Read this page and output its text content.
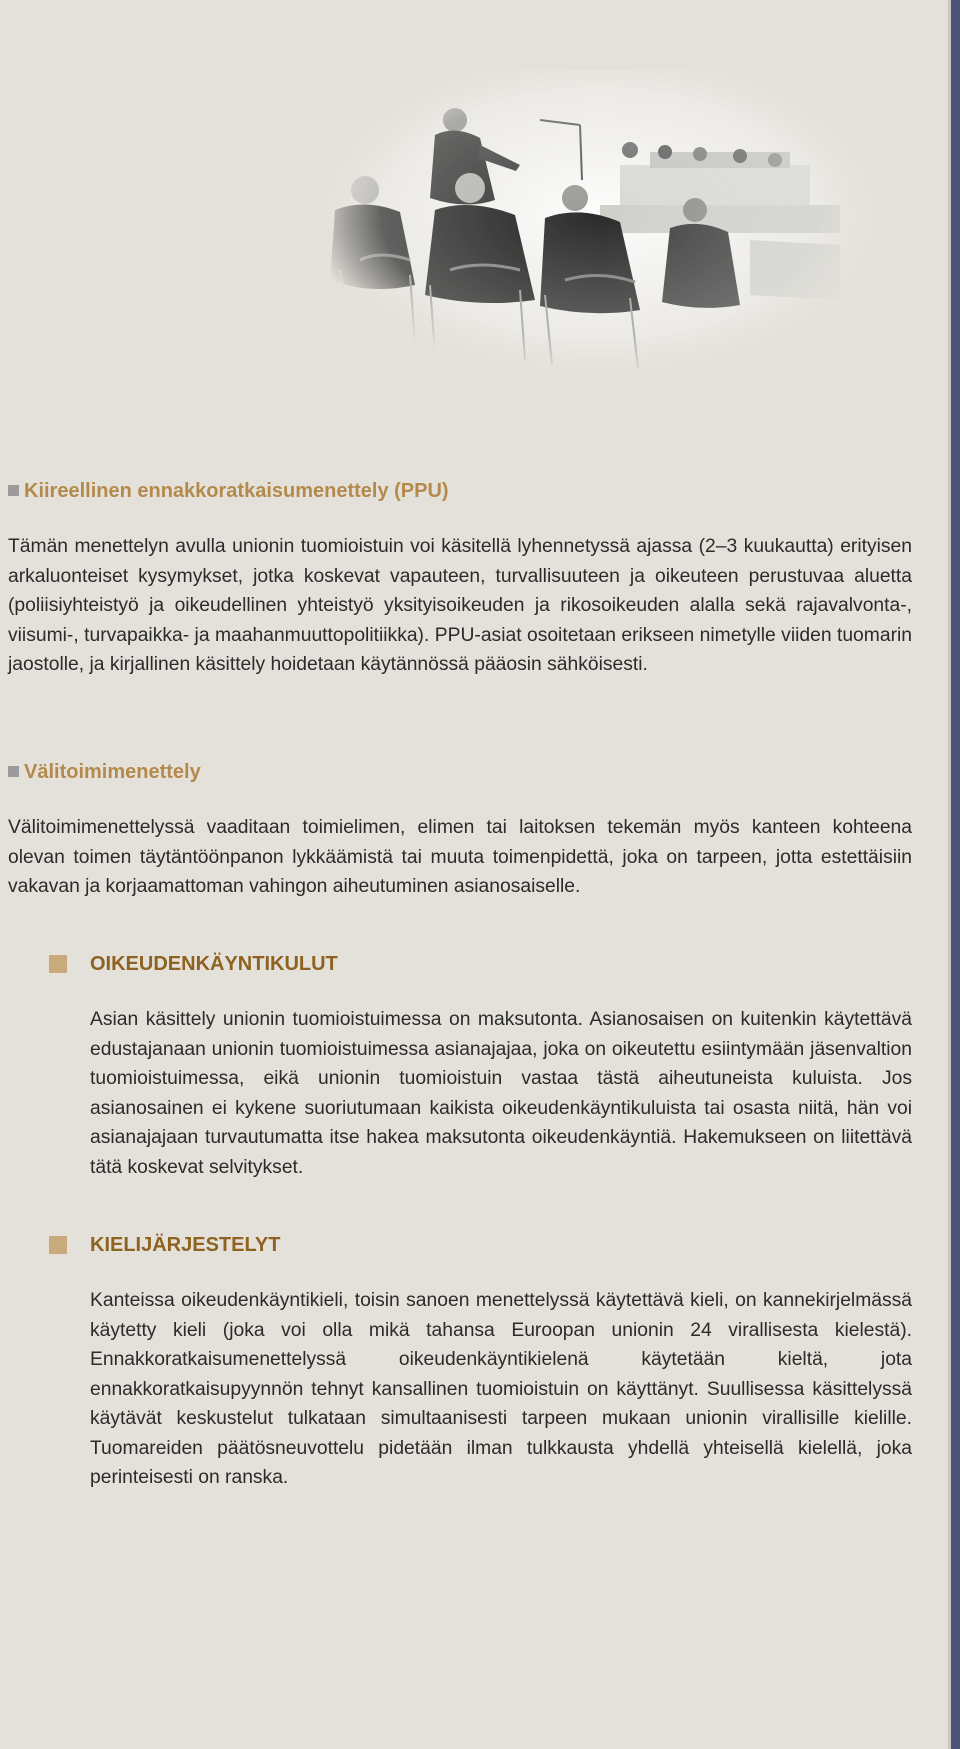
Kiireellinen ennakkoratkaisumenettely (PPU)

Tämän menettelyn avulla unionin tuomioistuin voi käsitellä lyhennetyssä ajassa (2–3 kuukautta) erityisen arkaluonteiset kysymykset, jotka koskevat vapauteen, turvallisuuteen ja oikeuteen perustuvaa aluetta (poliisiyhteistyö ja oikeudellinen yhteistyö yksityisoikeuden ja rikosoikeuden alalla sekä rajavalvonta-, viisumi-, turvapaikka- ja maahanmuuttopolitiikka). PPU-asiat osoitetaan erikseen nimetylle viiden tuomarin jaostolle, ja kirjallinen käsittely hoidetaan käytännössä pääosin sähköisesti.

Välitoimimenettely

Välitoimimenettelyssä vaaditaan toimielimen, elimen tai laitoksen tekemän myös kanteen kohteena olevan toimen täytäntöönpanon lykkäämistä tai muuta toimenpidettä, joka on tarpeen, jotta estettäisiin vakavan ja korjaamattoman vahingon aiheutuminen asianosaiselle.

OIKEUDENKÄYNTIKULUT

Asian käsittely unionin tuomioistuimessa on maksutonta. Asianosaisen on kuitenkin käytettävä edustajanaan unionin tuomioistuimessa asianajajaa, joka on oikeutettu esiintymään jäsenvaltion tuomioistuimessa, eikä unionin tuomioistuin vastaa tästä aiheutuneista kuluista. Jos asianosainen ei kykene suoriutumaan kaikista oikeudenkäyntikuluista tai osasta niitä, hän voi asianajajaan turvautumatta itse hakea maksutonta oikeudenkäyntiä. Hakemukseen on liitettävä tätä koskevat selvitykset.

KIELIJÄRJESTELYT

Kanteissa oikeudenkäyntikieli, toisin sanoen menettelyssä käytettävä kieli, on kannekirjelmässä käytetty kieli (joka voi olla mikä tahansa Euroopan unionin 24 virallisesta kielestä). Ennakkoratkaisumenettelyssä oikeudenkäyntikielenä käytetään kieltä, jota ennakkoratkaisupyynnön tehnyt kansallinen tuomioistuin on käyttänyt. Suullisessa käsittelyssä käytävät keskustelut tulkataan simultaanisesti tarpeen mukaan unionin virallisille kielille. Tuomareiden päätösneuvottelu pidetään ilman tulkkausta yhdellä yhteisellä kielellä, joka perinteisesti on ranska.
